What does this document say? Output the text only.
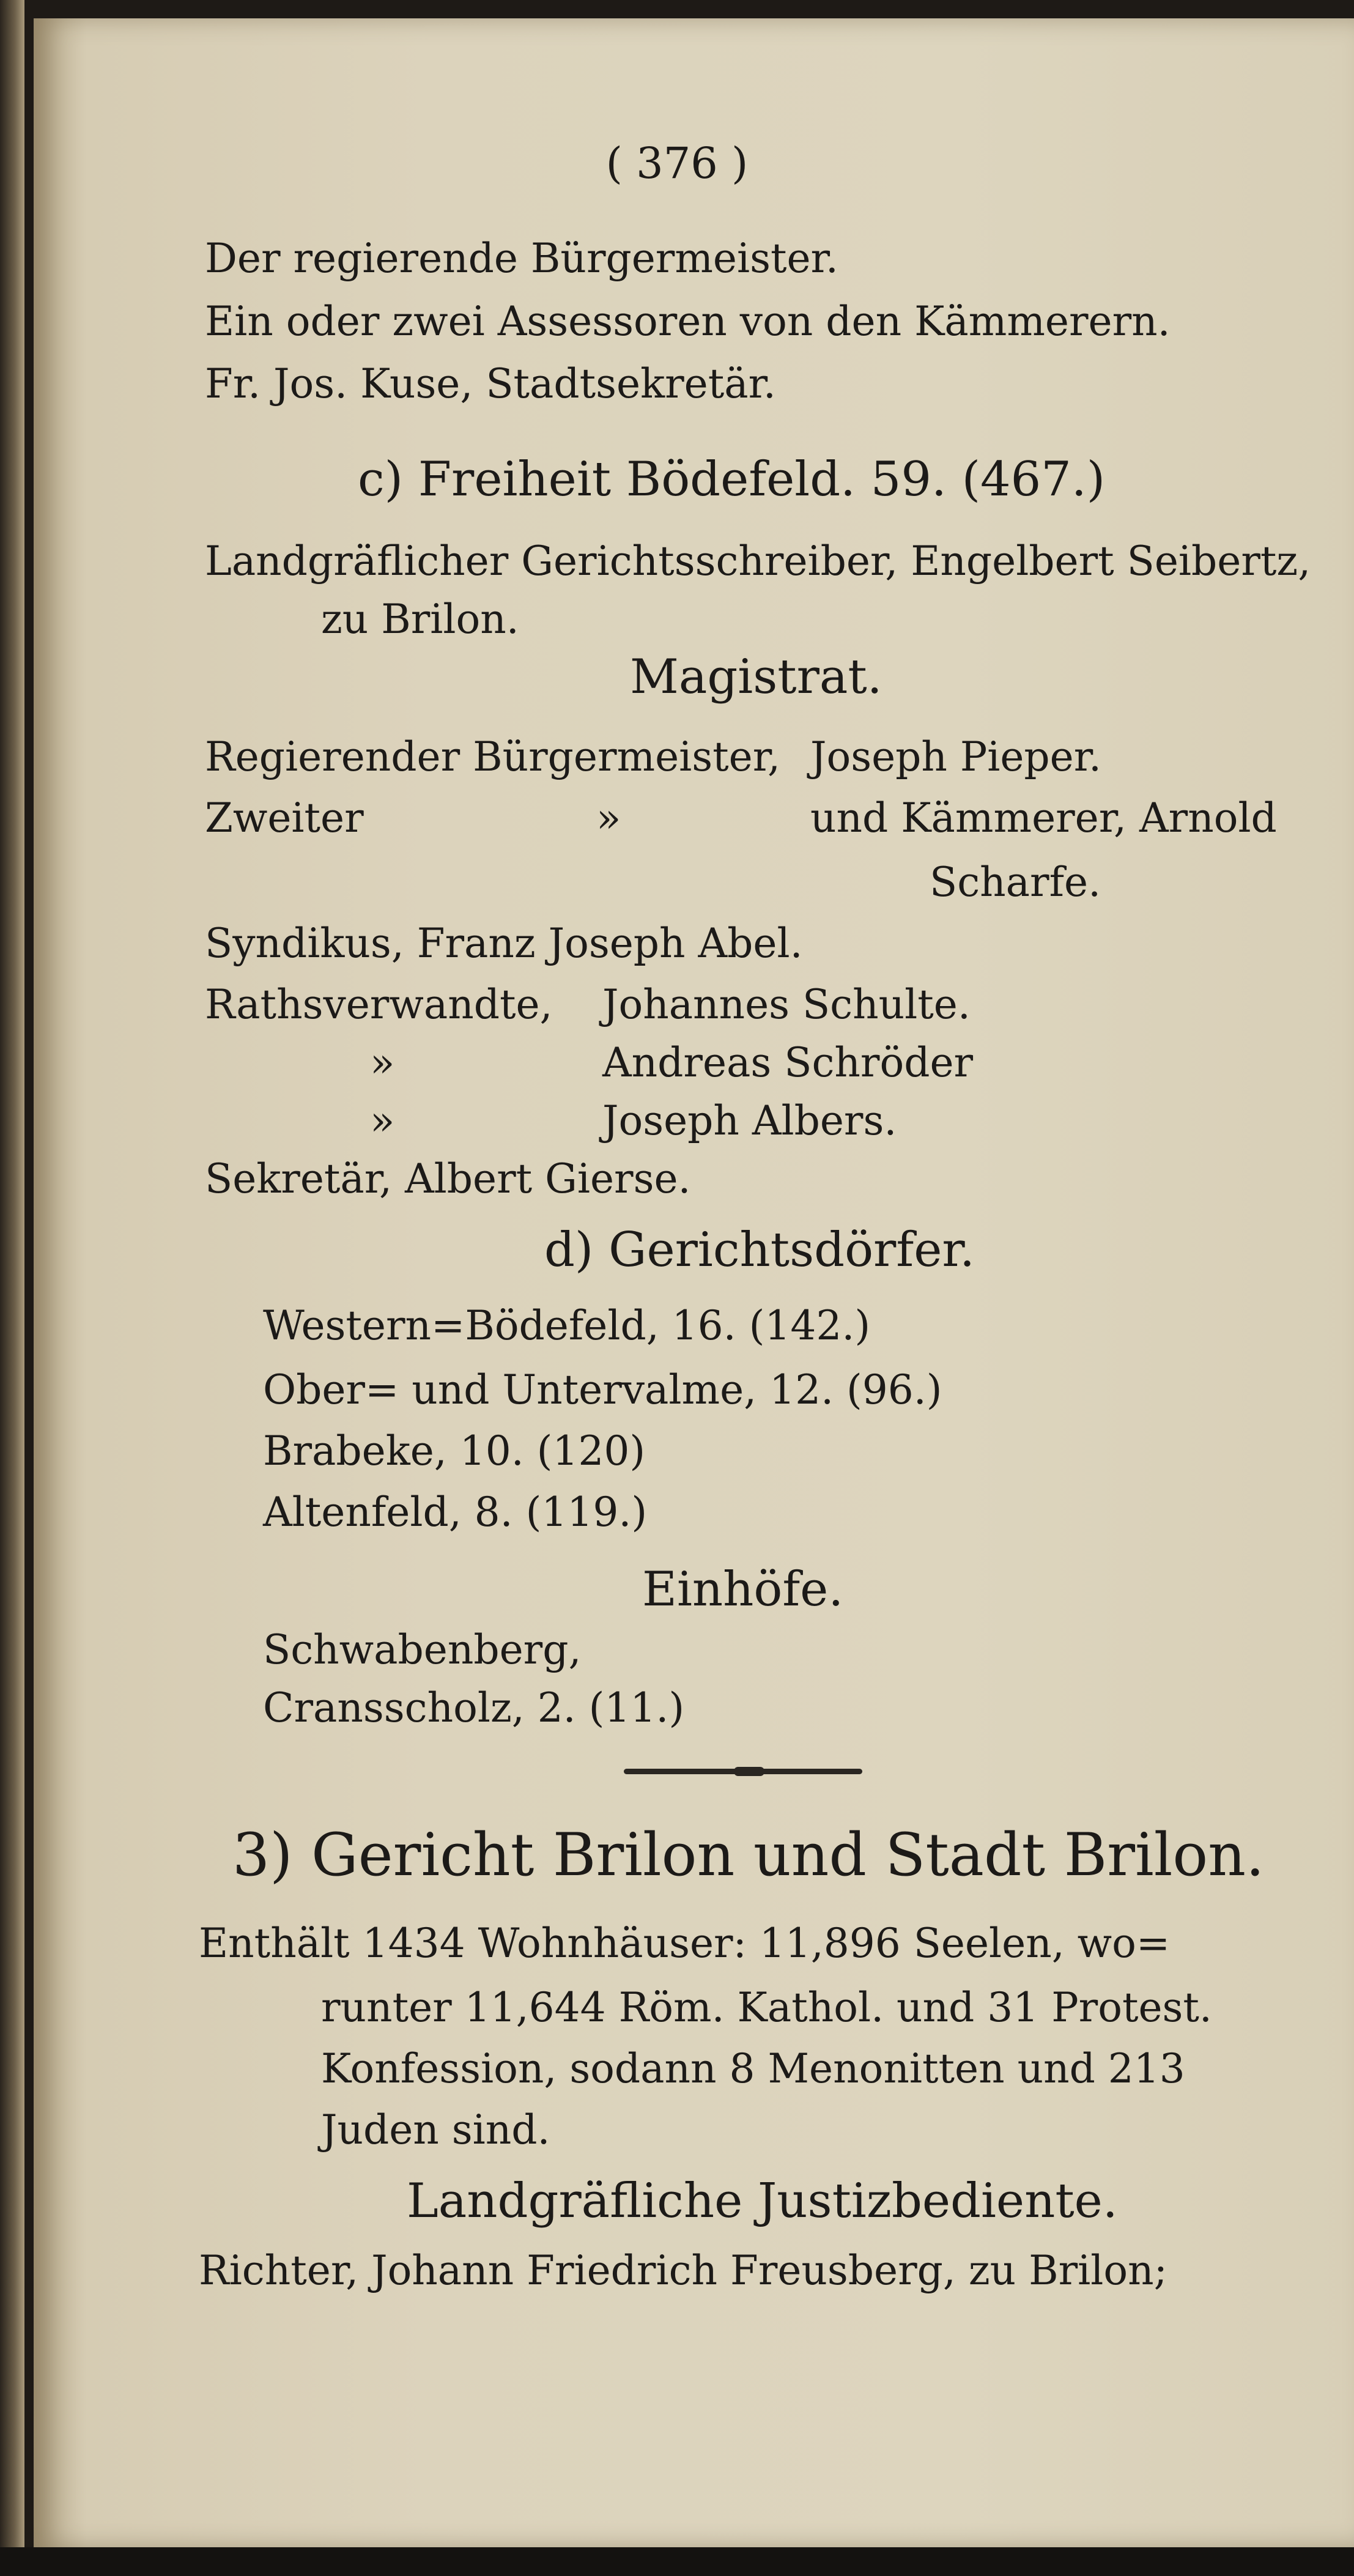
( 376 )
Der regierende Bürgermeister.
Ein oder zwei Assessoren von den Kämmerern.
Fr. Jos. Kuse, Stadtsekretär.
c) Freiheit Bödefeld. 59. (467.)
Landgräflicher Gerichtsschreiber, Engelbert Seibertz,
zu Brilon.
Magistrat.
Regierender Bürgermeister, Joseph Pieper.
Zweiter	»	und Kämmerer, Arnold
Scharfe.
Syndikus, Franz Joseph Abel.
Rathsverwandte, Johannes Schulte.
»	Andreas Schröder
»	Joseph Albers.
Sekretär, Albert Gierse.
d) Gerichtsdörfer.
Western=Bödefeld, 16. (142.)
Ober= und Untervalme, 12. (96.)
Brabeke, 10. (120)
Altenfeld, 8. (119.)
Einhöfe.
Schwabenberg,
Cransscholz, 2. (11.)
3) Gericht Brilon und Stadt Brilon.
Enthält 1434 Wohnhäuser: 11,896 Seelen, wo=
runter 11,644 Röm. Kathol. und 31 Protest.
Konfession, sodann 8 Menonitten und 213
Juden sind.
Landgräfliche Justizbediente.
Richter, Johann Friedrich Freusberg, zu Brilon;
